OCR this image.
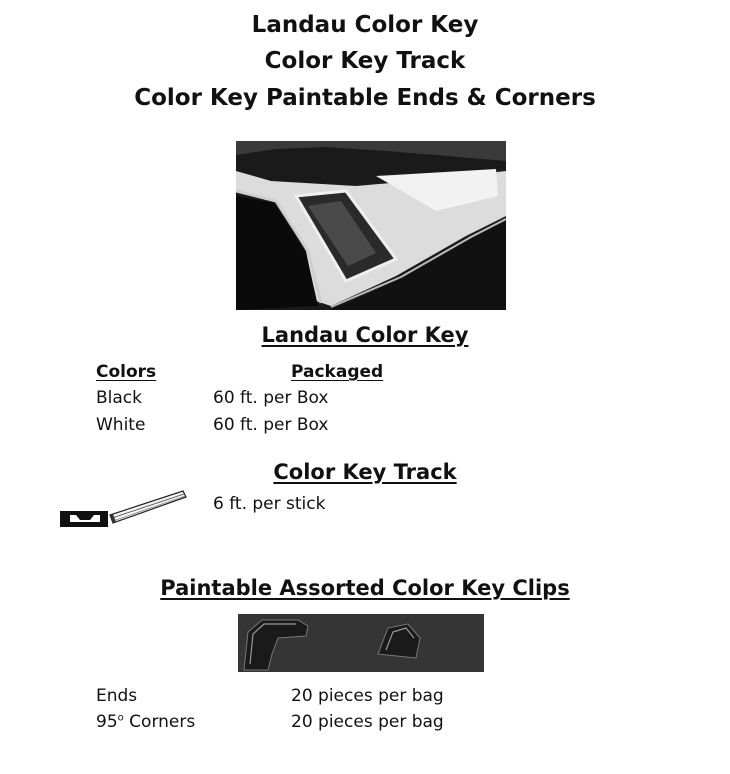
Landau Color Key
Color Key Track
Color Key Paintable Ends & Corners
Landau Color Key
Colors	Packaged
Black	60 ft. per Box
White	60 ft. per Box
Color Key Track
6 ft. per stick
Paintable Assorted Color Key Clips
Ends	20 pieces per bag
95$^o$ Corners	20 pieces per bag
